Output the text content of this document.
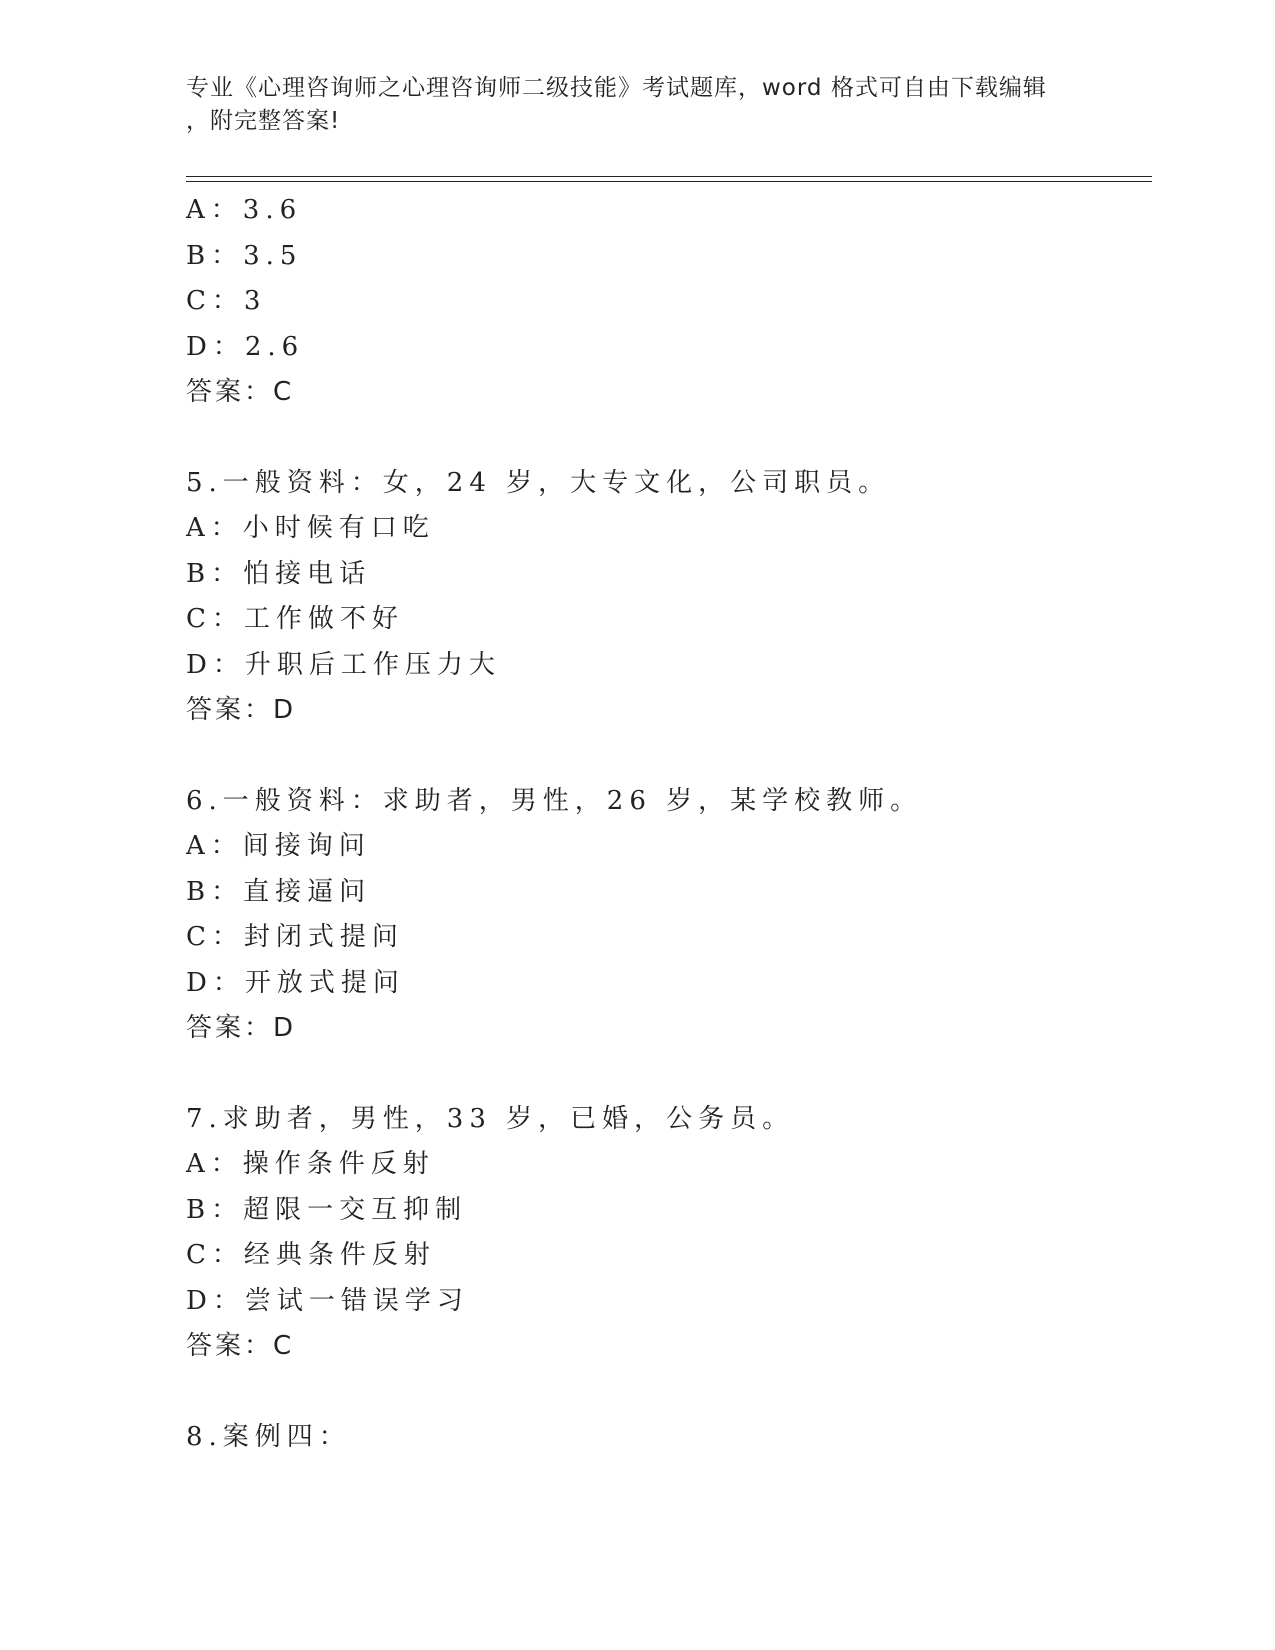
专业《心理咨询师之心理咨询师二级技能》考试题库，word 格式可自由下载编辑
，附完整答案!
A：3.6
B：3.5
C：3
D：2.6
答案：C
5.一般资料：女，24 岁，大专文化，公司职员。
A：小时候有口吃
B：怕接电话
C：工作做不好
D：升职后工作压力大
答案：D
6.一般资料：求助者，男性，26 岁，某学校教师。
A：间接询问
B：直接逼问
C：封闭式提问
D：开放式提问
答案：D
7.求助者，男性，33 岁，已婚，公务员。
A：操作条件反射
B：超限一交互抑制
C：经典条件反射
D：尝试一错误学习
答案：C
8.案例四：
